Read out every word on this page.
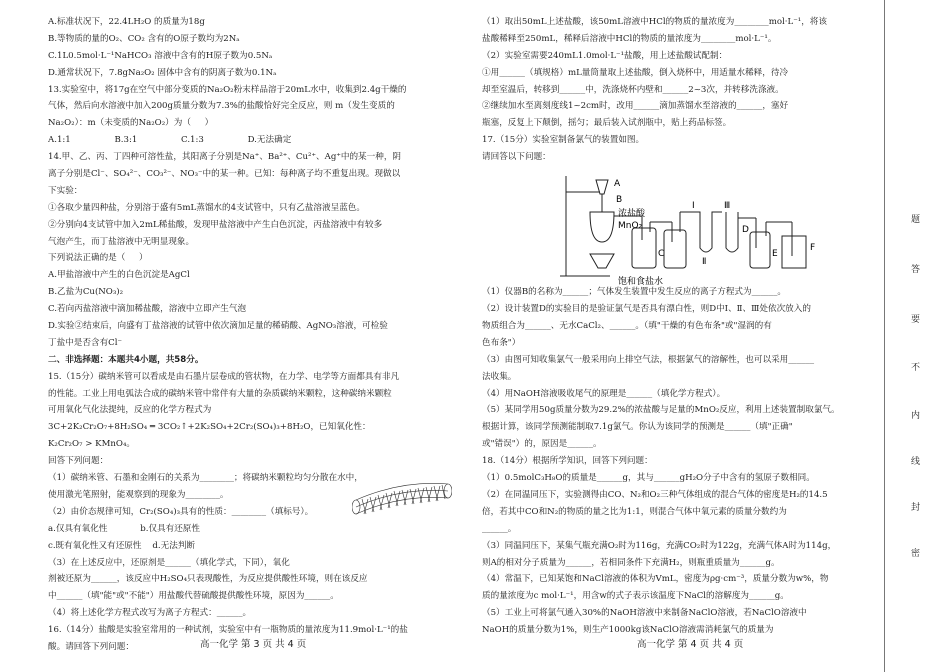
A.标准状况下，22.4LH₂O 的质量为18g
B.等物质的量的O₂、CO₂ 含有的O原子数均为2Nₐ
C.1L0.5mol·L⁻¹NaHCO₃ 溶液中含有的H原子数为0.5Nₐ
D.通常状况下，7.8gNa₂O₂ 固体中含有的阴离子数为0.1Nₐ
13.实验室中，将17g在空气中部分变质的Na₂O₂粉末样品溶于20mL水中，收集到2.4g干燥的
气体，然后向水溶液中加入200g质量分数为7.3%的盐酸恰好完全反应，则 m（发生变质的
Na₂O₂）：m（未变质的Na₂O₂）为（     ）
A.1:1                B.3:1                C.1:3                D.无法确定
14.甲、乙、丙、丁四种可溶性盐，其阳离子分别是Na⁺、Ba²⁺、Cu²⁺、Ag⁺中的某一种，阴
离子分别是Cl⁻、SO₄²⁻、CO₃²⁻、NO₃⁻中的某一种。已知：每种离子均不重复出现。现做以
下实验：
①各取少量四种盐，分别溶于盛有5mL蒸馏水的4支试管中，只有乙盐溶液呈蓝色。
②分别向4支试管中加入2mL稀盐酸，发现甲盐溶液中产生白色沉淀，丙盐溶液中有较多
气泡产生，而丁盐溶液中无明显现象。
下列说法正确的是（     ）
A.甲盐溶液中产生的白色沉淀是AgCl
B.乙盐为Cu(NO₃)₂
C.若向丙盐溶液中滴加稀盐酸，溶液中立即产生气泡
D.实验②结束后，向盛有丁盐溶液的试管中依次滴加足量的稀硝酸、AgNO₃溶液，可检验
丁盐中是否含有Cl⁻
二、非选择题：本题共4小题，共58分。
15.（15分）碳纳米管可以看成是由石墨片层卷成的管状物，在力学、电学等方面都具有非凡
的性能。工业上用电弧法合成的碳纳米管中常伴有大量的杂质碳纳米颗粒，这种碳纳米颗粒
可用氧化气化法提纯，反应的化学方程式为
3C+2K₂Cr₂O₇+8H₂SO₄ ═ 3CO₂↑+2K₂SO₄+2Cr₂(SO₄)₃+8H₂O，已知氧化性：
K₂Cr₂O₇ > KMnO₄。
回答下列问题：
（1）碳纳米管、石墨和金刚石的关系为________；将碳纳米颗粒均匀分散在水中，
使用激光笔照射，能观察到的现象为________。
（2）由价态规律可知，Cr₂(SO₄)₃具有的性质：________（填标号）。
a.仅具有氧化性            b.仅具有还原性
c.既有氧化性又有还原性    d.无法判断
（3）在上述反应中，还原剂是______（填化学式，下同），氧化
剂被还原为______，该反应中H₂SO₄只表现酸性，为反应提供酸性环境，则在该反应
中______（填"能"或"不能"）用盐酸代替硫酸提供酸性环境，原因为______。
（4）将上述化学方程式改写为离子方程式：______。
16.（14分）盐酸是实验室常用的一种试剂，实验室中有一瓶物质的量浓度为11.9mol·L⁻¹的盐
酸。请回答下列问题：
（1）取出50mL上述盐酸，该50mL溶液中HCl的物质的量浓度为________mol·L⁻¹，将该
盐酸稀释至250mL，稀释后溶液中HCl的物质的量浓度为________mol·L⁻¹。
（2）实验室需要240mL1.0mol·L⁻¹盐酸，用上述盐酸试配制：
①用______（填规格）mL量筒量取上述盐酸，倒入烧杯中，用适量水稀释，待冷
却至室温后，转移到______中，洗涤烧杯内壁和______2~3次，并转移洗涤液。
②继续加水至离刻度线1~2cm时，改用______滴加蒸馏水至溶液的______，塞好
瓶塞，反复上下颠倒，摇匀；最后装入试剂瓶中，贴上药品标签。
17.（15分）实验室制备氯气的装置如图。
请回答以下问题：
（1）仪器B的名称为______；气体发生装置中发生反应的离子方程式为______。
（2）设计装置D的实验目的是验证氯气是否具有漂白性，则D中Ⅰ、Ⅱ、Ⅲ处依次放入的
物质组合为______、无水CaCl₂、______。（填"干燥的有色布条"或"湿润的有
色布条"）
（3）由图可知收集氯气一般采用向上排空气法，根据氯气的溶解性，也可以采用______
法收集。
（4）用NaOH溶液吸收尾气的原理是______（填化学方程式）。
（5）某同学用50g质量分数为29.2%的浓盐酸与足量的MnO₂反应，利用上述装置制取氯气。
根据计算，该同学预测能制取7.1g氯气。你认为该同学的预测是______（填"正确"
或"错误"）的，原因是______。
18.（14分）根据所学知识，回答下列问题：
（1）0.5molC₃H₈O的质量是______g，其与______gH₂O分子中含有的氢原子数相同。
（2）在同温同压下，实验测得由CO、N₂和O₂三种气体组成的混合气体的密度是H₂的14.5
倍，若其中CO和N₂的物质的量之比为1:1，则混合气体中氧元素的质量分数约为
______。
（3）同温同压下，某集气瓶充满O₂时为116g，充满CO₂时为122g，充满气体A时为114g，
则A的相对分子质量为______，若相同条件下充满H₂，则瓶重质量为______g。
（4）常温下，已知某饱和NaCl溶液的体积为VmL，密度为ρg·cm⁻³，质量分数为w%，物
质的量浓度为c mol·L⁻¹，用含w的式子表示该温度下NaCl的溶解度为______g。
（5）工业上可将氯气通入30%的NaOH溶液中来制备NaClO溶液，若NaClO溶液中
NaOH的质量分数为1%，则生产1000kg该NaClO溶液需消耗氯气的质量为
A
B
浓盐酸
MnO₂
饱和食盐水
C
Ⅰ
Ⅱ
Ⅲ
D
E
F
高一化学 第 3 页 共 4 页	高一化学 第 4 页 共 4 页
题
答
要
不
内
线
封
密
